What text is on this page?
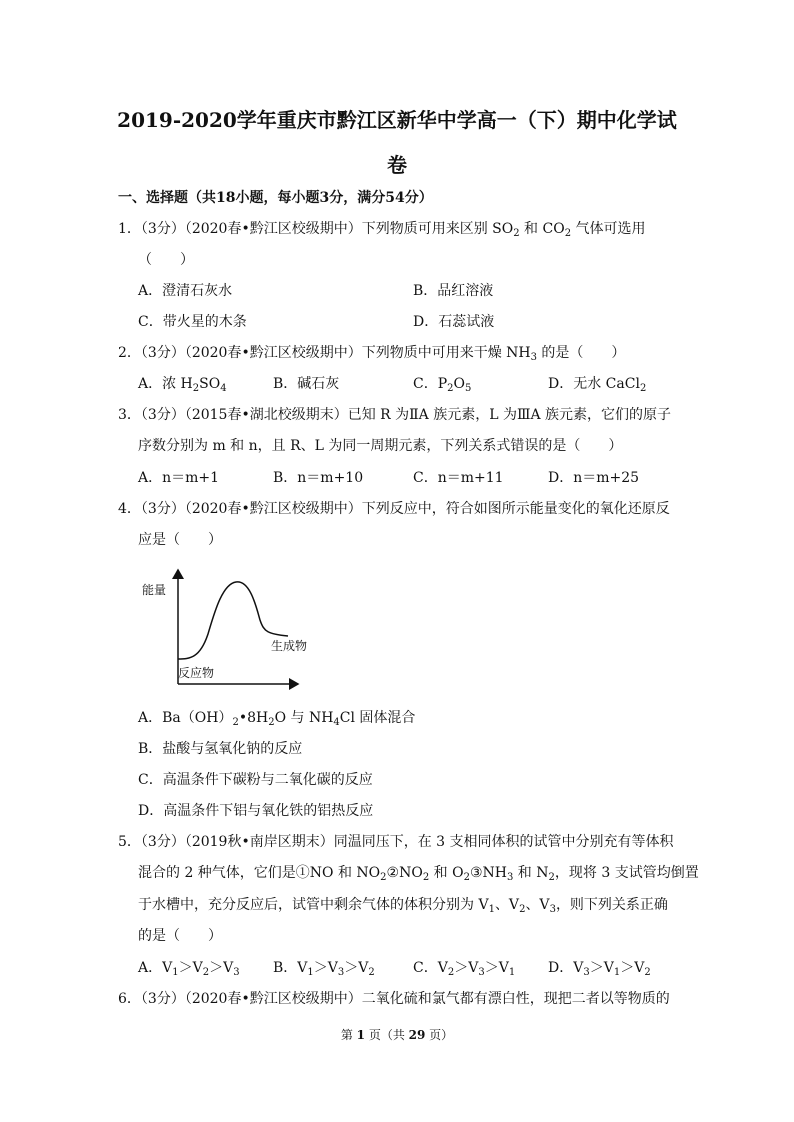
2019-2020学年重庆市黔江区新华中学高一（下）期中化学试
卷
一、选择题（共18小题，每小题3分，满分54分）
1．（3分）（2020春•黔江区校级期中）下列物质可用来区别 $SO_2$ 和 $CO_2$ 气体可选用
（　　）
A．澄清石灰水	B．品红溶液
C．带火星的木条	D．石蕊试液
2．（3分）（2020春•黔江区校级期中）下列物质中可用来干燥 $NH_3$ 的是（　　）
A．浓 $H_2SO_4$	B．碱石灰	C．$P_2O_5$	D．无水 CaCl$_2$
3．（3分）（2015春•湖北校级期末）已知 R 为ⅡA 族元素，L 为ⅢA 族元素，它们的原子
序数分别为 m 和 n，且 R、L 为同一周期元素，下列关系式错误的是（　　）
A．n＝m+1	B．n＝m+10	C．n＝m+11	D．n＝m+25
4．（3分）（2020春•黔江区校级期中）下列反应中，符合如图所示能量变化的氧化还原反
应是（　　）
能量
生成物
反应物
A．$Ba(OH)_2•8H_2O$ 与 $NH_4Cl$ 固体混合
B．盐酸与氢氧化钠的反应
C．高温条件下碳粉与二氧化碳的反应
D．高温条件下铝与氧化铁的铝热反应
5．（3分）（2019秋•南岸区期末）同温同压下，在 3 支相同体积的试管中分别充有等体积
混合的 2 种气体，它们是①NO 和 $NO_2②NO_2$ 和 $O_2③NH_3$ 和 $N_2$，现将 3 支试管均倒置
于水槽中，充分反应后，试管中剩余气体的体积分别为 $V_1$、$V_2$、$V_3$，则下列关系正确
的是（　　）
A．$V_1>V_2>V_3$ B．$V_1>V_3>V_2$	C．$V_2>V_3>V_1$ D．$V_3>V_1>V_2$
6．（3分）（2020春•黔江区校级期中）二氧化硫和氯气都有漂白性，现把二者以等物质的
第 1 页（共 29 页）
